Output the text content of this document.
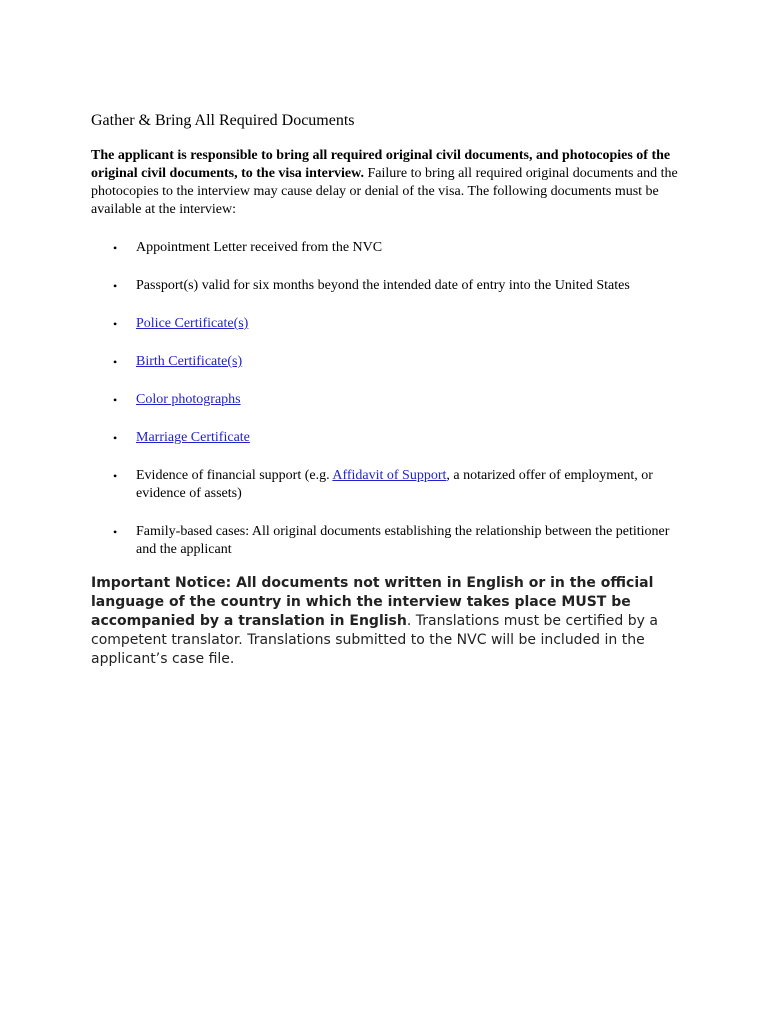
Gather & Bring All Required Documents

The applicant is responsible to bring all required original civil documents, and photocopies of the original civil documents, to the visa interview. Failure to bring all required original documents and the photocopies to the interview may cause delay or denial of the visa. The following documents must be available at the interview:

• Appointment Letter received from the NVC
• Passport(s) valid for six months beyond the intended date of entry into the United States
• Police Certificate(s)
• Birth Certificate(s)
• Color photographs
• Marriage Certificate
• Evidence of financial support (e.g. Affidavit of Support, a notarized offer of employment, or evidence of assets)
• Family-based cases: All original documents establishing the relationship between the petitioner and the applicant

Important Notice: All documents not written in English or in the official language of the country in which the interview takes place MUST be accompanied by a translation in English. Translations must be certified by a competent translator. Translations submitted to the NVC will be included in the applicant’s case file.
